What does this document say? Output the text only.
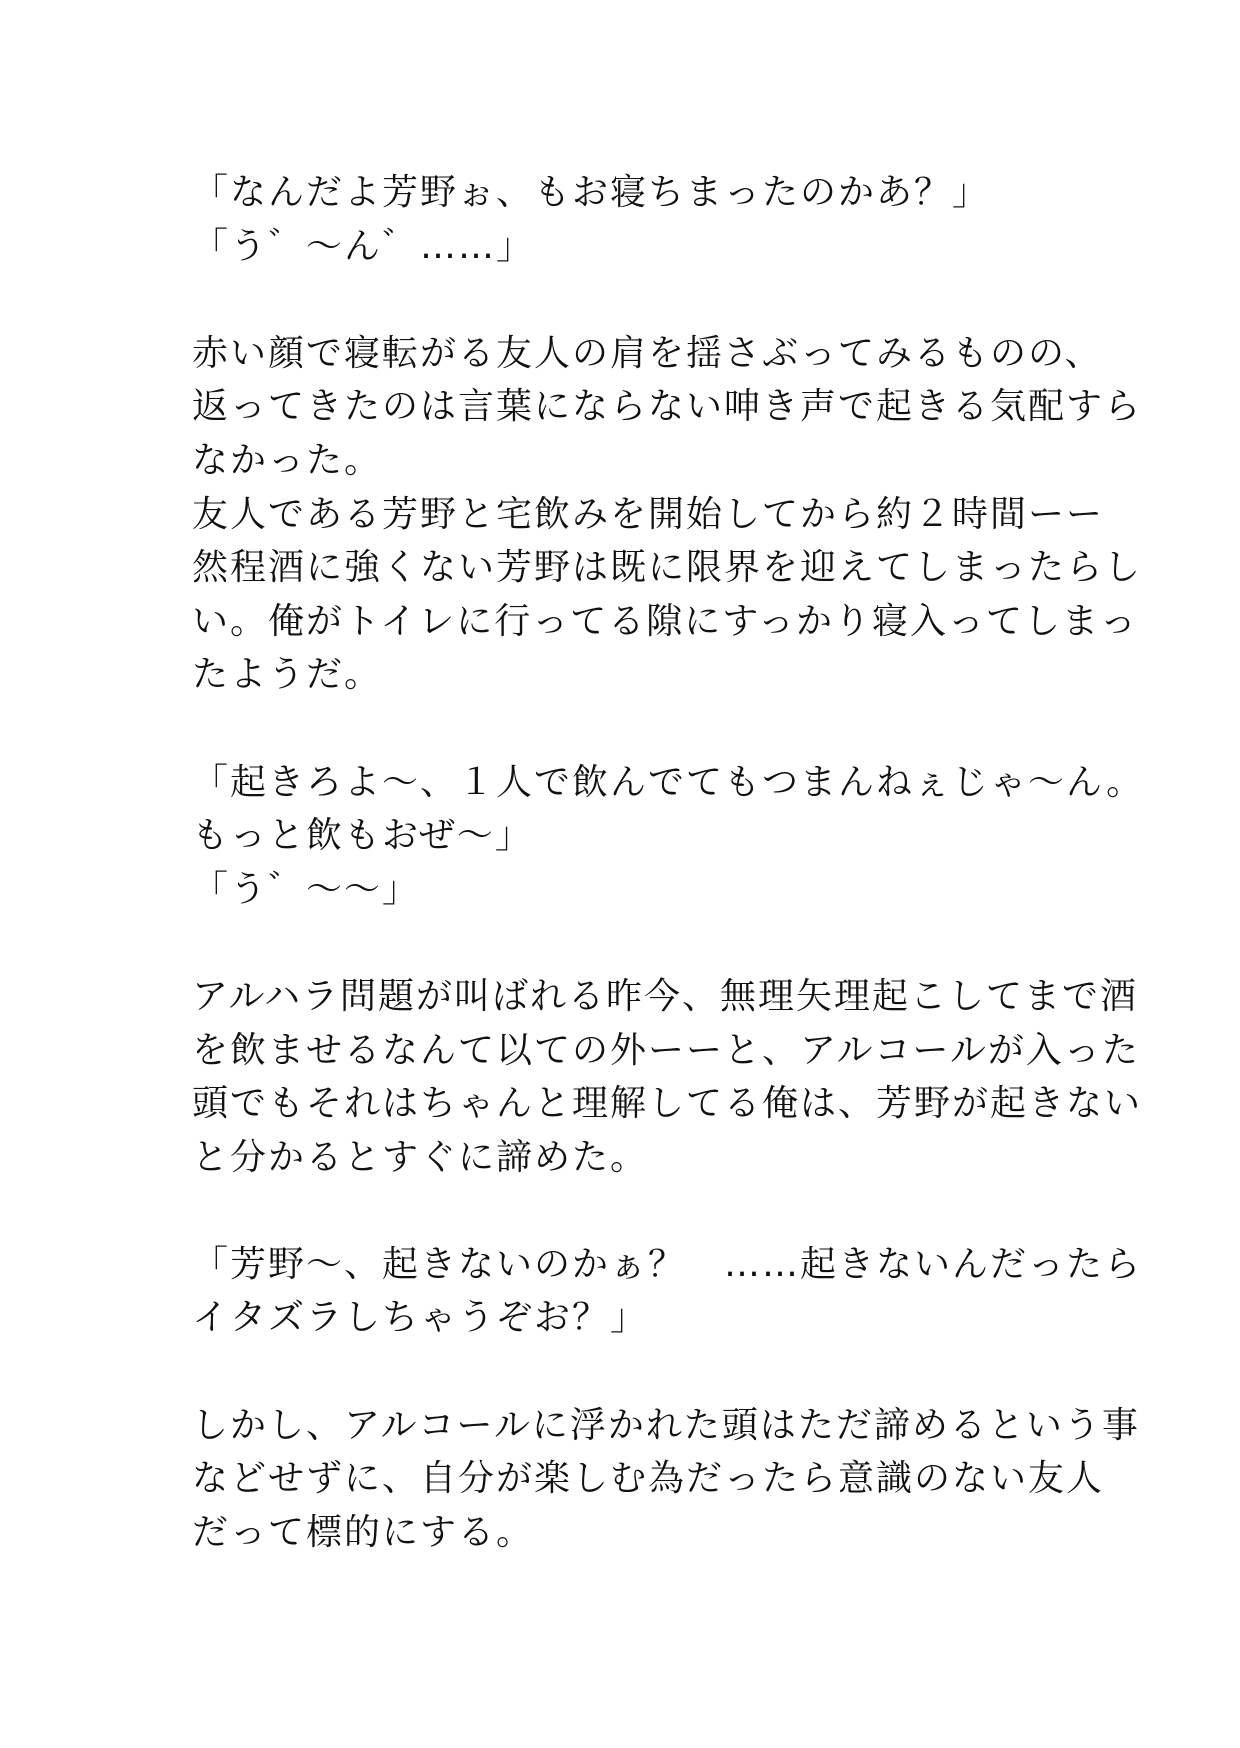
「なんだよ芳野ぉ、もお寝ちまったのかあ？」
「う゛〜ん゛……」
赤い顔で寝転がる友人の肩を揺さぶってみるものの、
返ってきたのは言葉にならない呻き声で起きる気配すら
なかった。
友人である芳野と宅飲みを開始してから約２時間ーー
然程酒に強くない芳野は既に限界を迎えてしまったらし
い。俺がトイレに行ってる隙にすっかり寝入ってしまっ
たようだ。
「起きろよ〜、１人で飲んでてもつまんねぇじゃ〜ん。
もっと飲もおぜ〜」
「う゛〜〜」
アルハラ問題が叫ばれる昨今、無理矢理起こしてまで酒
を飲ませるなんて以ての外ーーと、アルコールが入った
頭でもそれはちゃんと理解してる俺は、芳野が起きない
と分かるとすぐに諦めた。
「芳野〜、起きないのかぁ？　……起きないんだったら
イタズラしちゃうぞお？」
しかし、アルコールに浮かれた頭はただ諦めるという事
などせずに、自分が楽しむ為だったら意識のない友人
だって標的にする。
